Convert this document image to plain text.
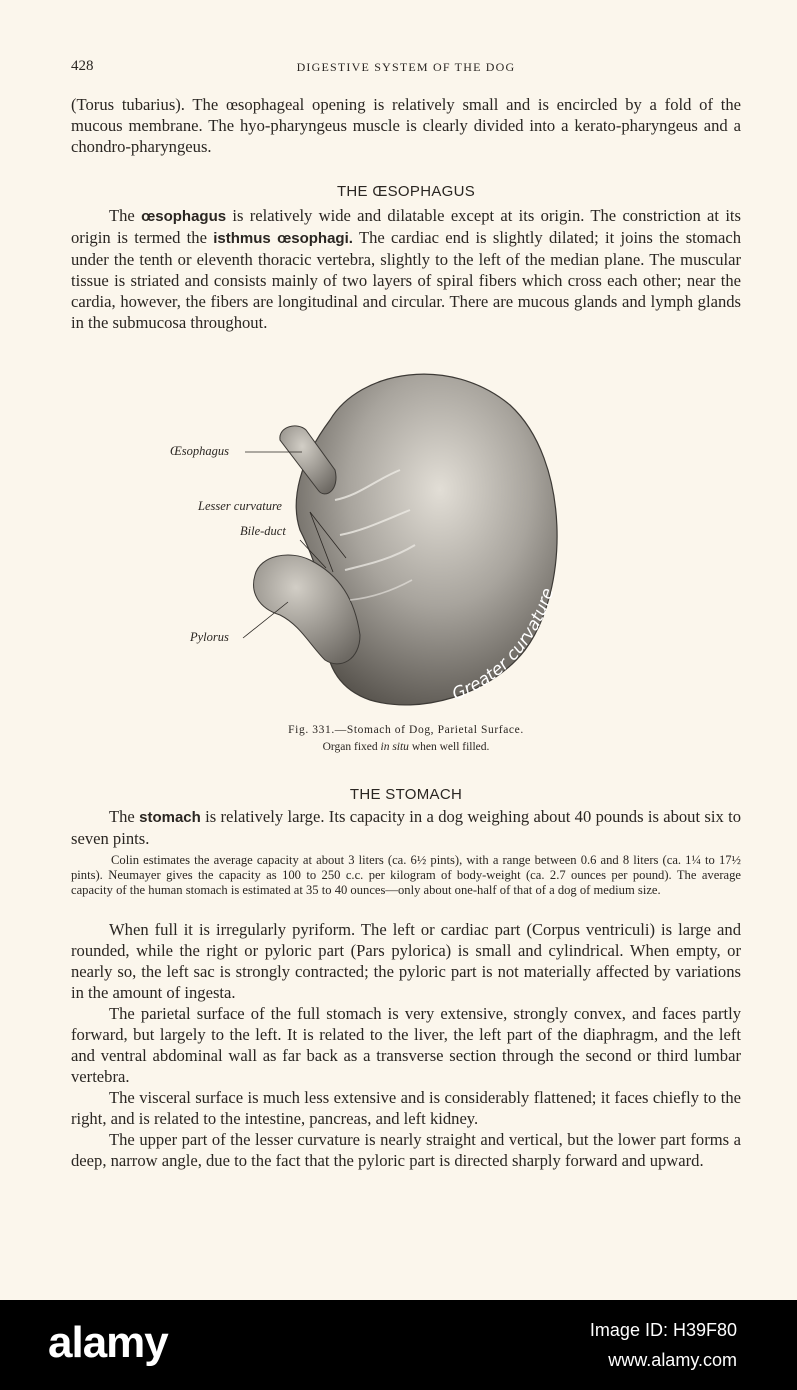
428	DIGESTIVE SYSTEM OF THE DOG

(Torus tubarius). The œsophageal opening is relatively small and is encircled by a fold of the mucous membrane. The hyo-pharyngeus muscle is clearly divided into a kerato-pharyngeus and a chondro-pharyngeus.

THE ŒSOPHAGUS

The œsophagus is relatively wide and dilatable except at its origin. The constriction at its origin is termed the isthmus œsophagi. The cardiac end is slightly dilated; it joins the stomach under the tenth or eleventh thoracic vertebra, slightly to the left of the median plane. The muscular tissue is striated and consists mainly of two layers of spiral fibers which cross each other; near the cardia, however, the fibers are longitudinal and circular. There are mucous glands and lymph glands in the submucosa throughout.

Greater curvature
Œsophagus
Lesser curvature
Bile-duct
Pylorus
Fig. 331.—Stomach of Dog, Parietal Surface.
Organ fixed in situ when well filled.
THE STOMACH

The stomach is relatively large. Its capacity in a dog weighing about 40 pounds is about six to seven pints.

Colin estimates the average capacity at about 3 liters (ca. 6½ pints), with a range between 0.6 and 8 liters (ca. 1¼ to 17½ pints). Neumayer gives the capacity as 100 to 250 c.c. per kilogram of body-weight (ca. 2.7 ounces per pound). The average capacity of the human stomach is estimated at 35 to 40 ounces—only about one-half of that of a dog of medium size.

When full it is irregularly pyriform. The left or cardiac part (Corpus ventriculi) is large and rounded, while the right or pyloric part (Pars pylorica) is small and cylindrical. When empty, or nearly so, the left sac is strongly contracted; the pyloric part is not materially affected by variations in the amount of ingesta.

The parietal surface of the full stomach is very extensive, strongly convex, and faces partly forward, but largely to the left. It is related to the liver, the left part of the diaphragm, and the left and ventral abdominal wall as far back as a transverse section through the second or third lumbar vertebra.

The visceral surface is much less extensive and is considerably flattened; it faces chiefly to the right, and is related to the intestine, pancreas, and left kidney.

The upper part of the lesser curvature is nearly straight and vertical, but the lower part forms a deep, narrow angle, due to the fact that the pyloric part is directed sharply forward and upward.

alamy	Image ID: H39F80
www.alamy.com
